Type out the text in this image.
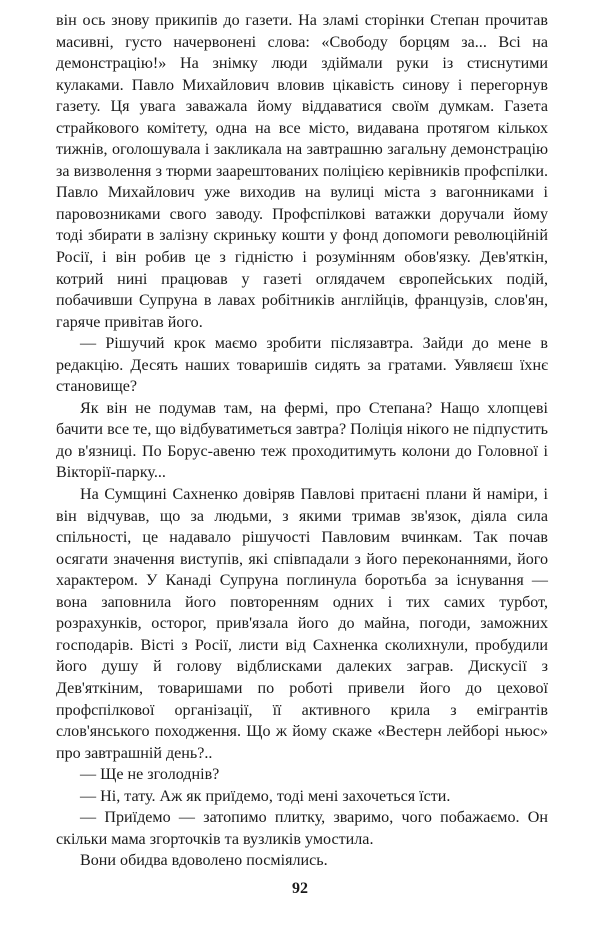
він ось знову прикипів до газети. На зламі сторінки Степан прочитав масивні, густо начервонені слова: «Свободу борцям за... Всі на демонстрацію!» На знімку люди здіймали руки із стиснутими кулаками. Павло Михайлович вловив цікавість синову і перегорнув газету. Ця увага заважала йому віддаватися своїм думкам. Газета страйкового комітету, одна на все місто, видавана протягом кількох тижнів, оголошувала і закликала на завтрашню загальну демонстрацію за визволення з тюрми заарештованих поліцією керівників профспілки. Павло Михайлович уже виходив на вулиці міста з вагонниками і паровозниками свого заводу. Профспілкові ватажки доручали йому тоді збирати в залізну скриньку кошти у фонд допомоги революційній Росії, і він робив це з гідністю і розумінням обов'язку. Дев'яткін, котрий нині працював у газеті оглядачем європейських подій, побачивши Супруна в лавах робітників англійців, французів, слов'ян, гаряче привітав його.

— Рішучий крок маємо зробити післязавтра. Зайди до мене в редакцію. Десять наших товаришів сидять за гратами. Уявляєш їхнє становище?

Як він не подумав там, на фермі, про Степана? Нащо хлопцеві бачити все те, що відбуватиметься завтра? Поліція нікого не підпустить до в'язниці. По Борус-авеню теж проходитимуть колони до Головної і Вікторії-парку...

На Сумщині Сахненко довіряв Павлові притаєні плани й наміри, і він відчував, що за людьми, з якими тримав зв'язок, діяла сила спільності, це надавало рішучості Павловим вчинкам. Так почав осягати значення виступів, які співпадали з його переконаннями, його характером. У Канаді Супруна поглинула боротьба за існування — вона заповнила його повторенням одних і тих самих турбот, розрахунків, осторог, прив'язала його до майна, погоди, заможних господарів. Вісті з Росії, листи від Сахненка сколихнули, пробудили його душу й голову відблисками далеких заграв. Дискусії з Дев'яткіним, товаришами по роботі привели його до цехової профспілкової організації, її активного крила з емігрантів слов'янського походження. Що ж йому скаже «Вестерн лейборі ньюс» про завтрашній день?..

— Ще не зголоднів?

— Ні, тату. Аж як приїдемо, тоді мені захочеться їсти.

— Приїдемо — затопимо плитку, зваримо, чого побажаємо. Он скільки мама згорточків та вузликів умостила.

Вони обидва вдоволено посміялись.

92
